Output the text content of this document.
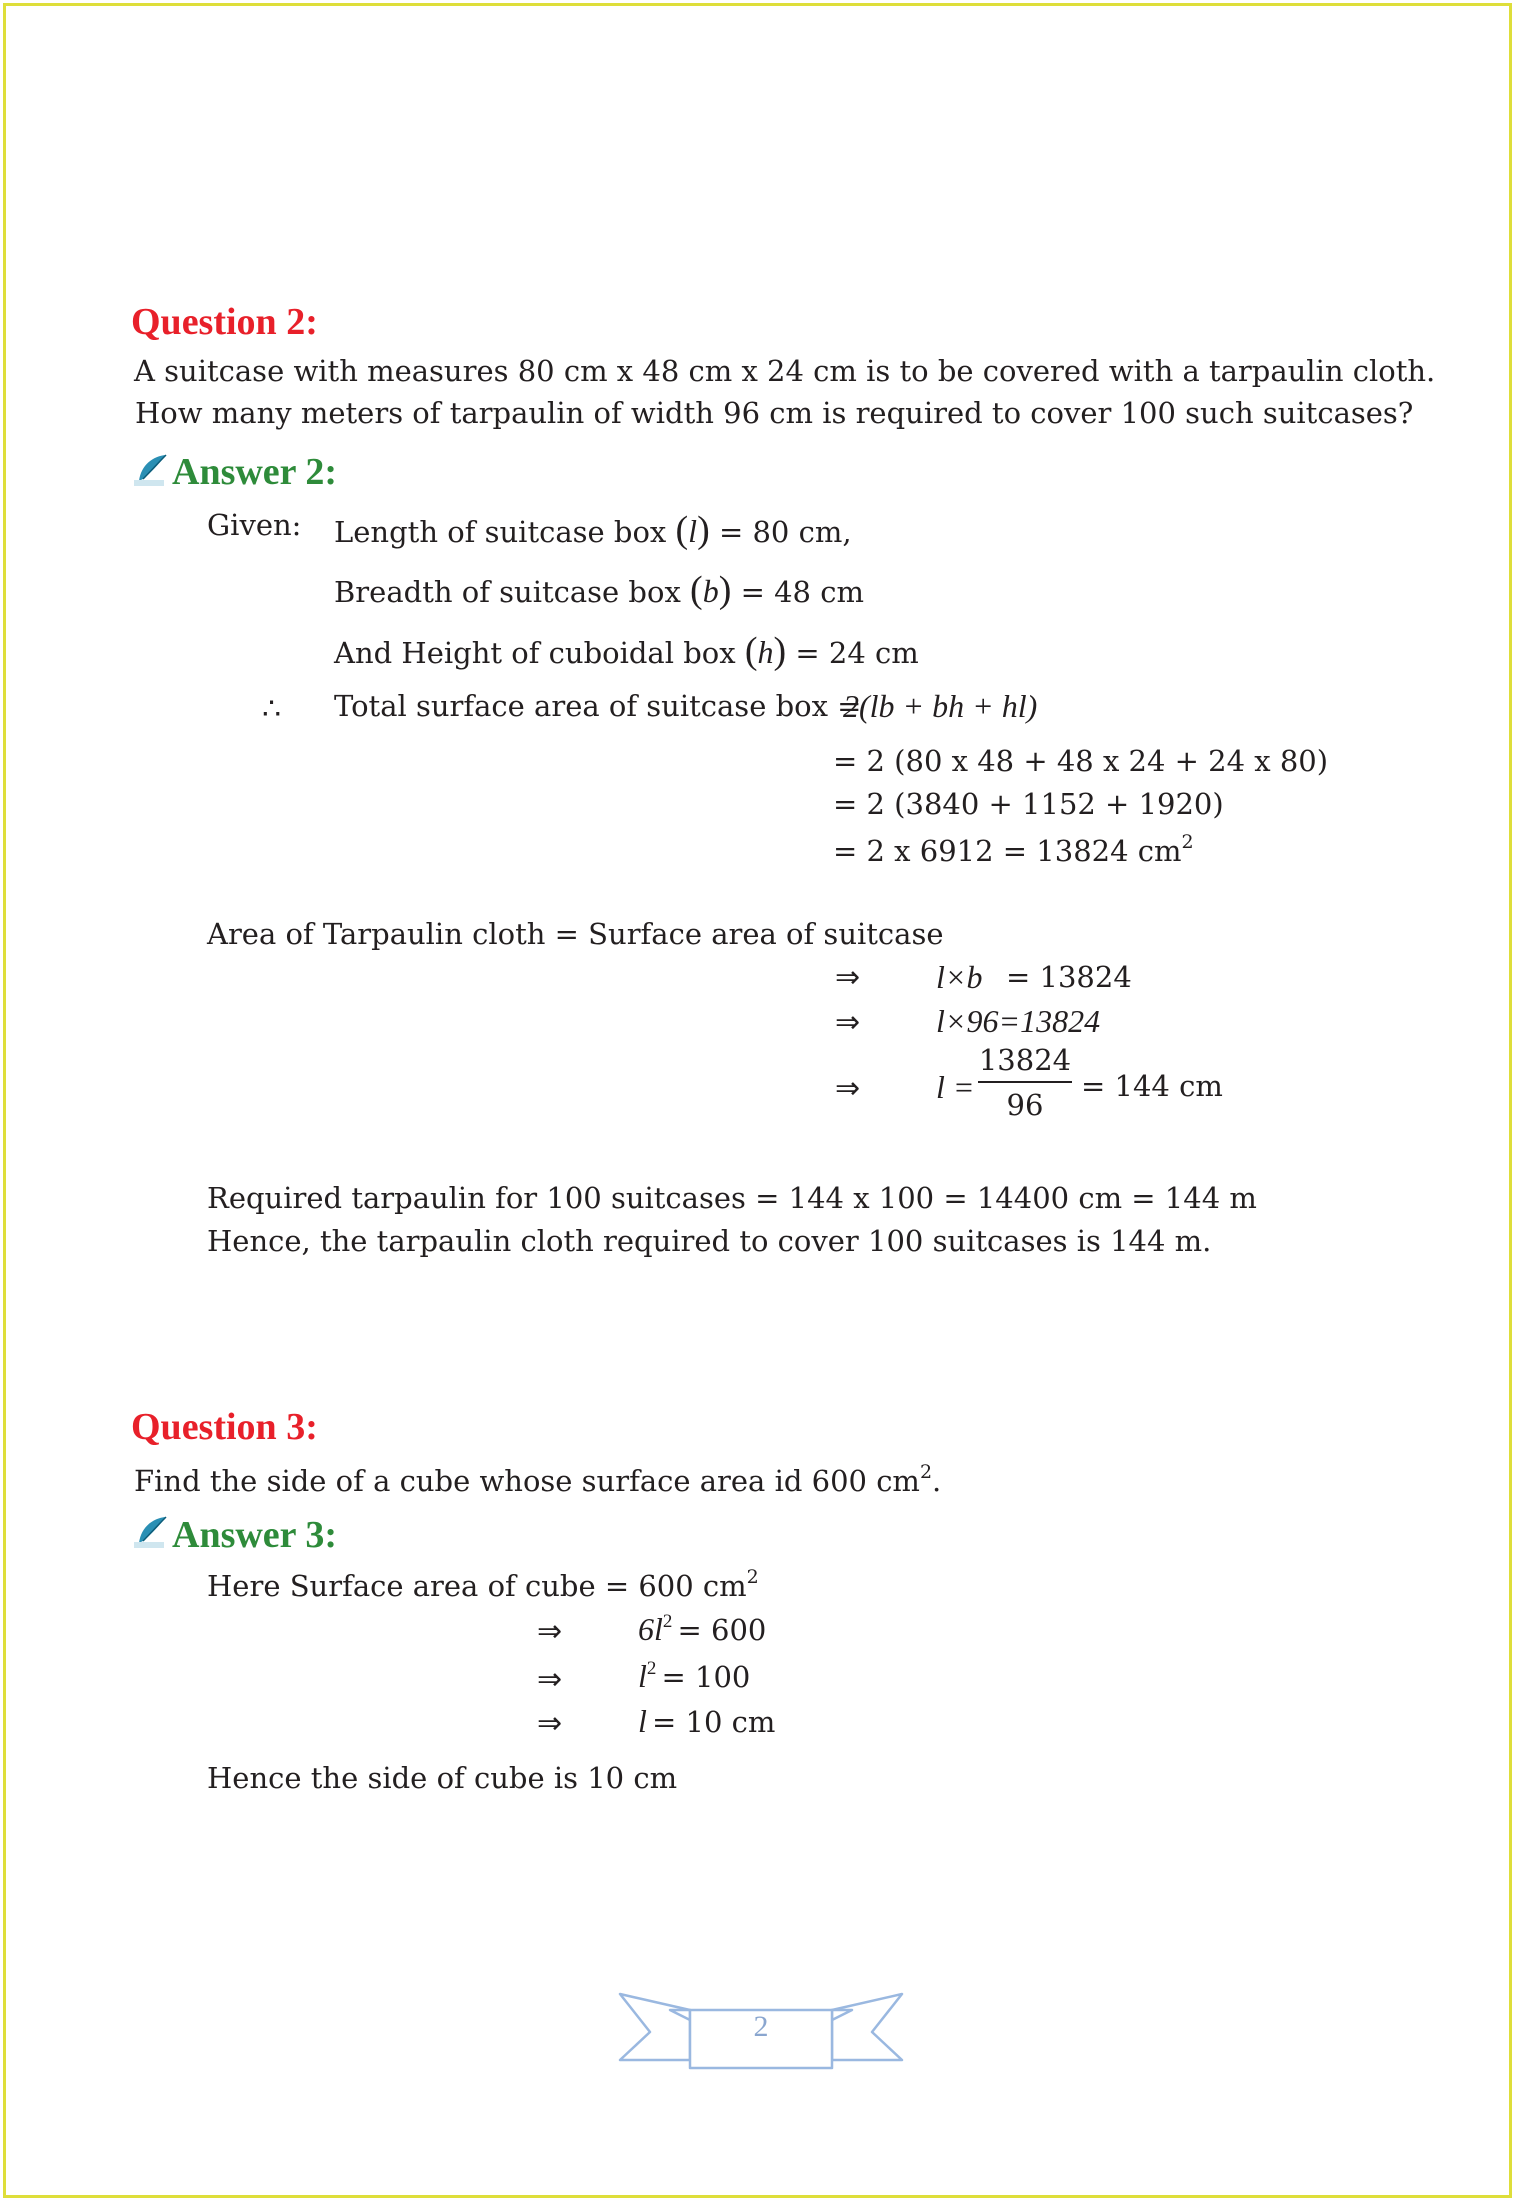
Question 2:
A suitcase with measures 80 cm x 48 cm x 24 cm is to be covered with a tarpaulin cloth.
How many meters of tarpaulin of width 96 cm is required to cover 100 such suitcases?
Answer 2:
Given: Length of suitcase box (l) = 80 cm,
Breadth of suitcase box (b) = 48 cm
And Height of cuboidal box (h) = 24 cm
∴ Total surface area of suitcase box =
2(lb + bh + hl)
= 2 (80 x 48 + 48 x 24 + 24 x 80)
= 2 (3840 + 1152 + 1920)
= 2 x 6912 = 13824 $cm^2$
Area of Tarpaulin cloth = Surface area of suitcase
⇒ l×b = 13824
⇒ l×96=13824
⇒ l =
13824
96
= 144 cm
Required tarpaulin for 100 suitcases = 144 x 100 = 14400 cm = 144 m
Hence, the tarpaulin cloth required to cover 100 suitcases is 144 m.
Question 3:
Find the side of a cube whose surface area id 600 $cm^2$.
Answer 3:
Here Surface area of cube = 600 $cm^2$
⇒ 6l2 = 600
⇒ l2 = 100
⇒ l = 10 cm
Hence the side of cube is 10 cm
2
